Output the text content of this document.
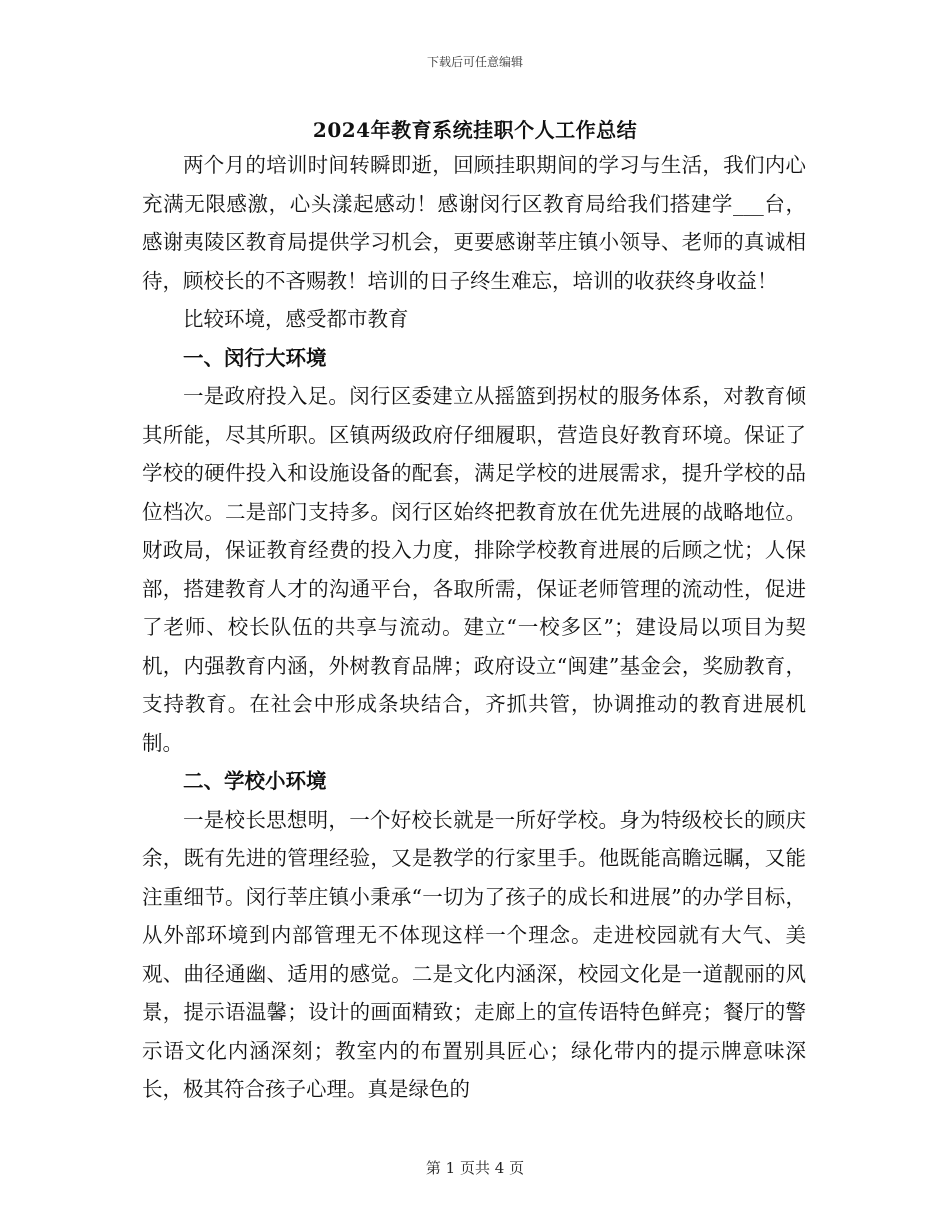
下载后可任意编辑
2024年教育系统挂职个人工作总结

两个月的培训时间转瞬即逝，回顾挂职期间的学习与生活，我们内心充满无限感激，心头漾起感动！感谢闵行区教育局给我们搭建学___台，感谢夷陵区教育局提供学习机会，更要感谢莘庄镇小领导、老师的真诚相待，顾校长的不吝赐教！培训的日子终生难忘，培训的收获终身收益！

比较环境，感受都市教育

一、闵行大环境

一是政府投入足。闵行区委建立从摇篮到拐杖的服务体系，对教育倾其所能，尽其所职。区镇两级政府仔细履职，营造良好教育环境。保证了学校的硬件投入和设施设备的配套，满足学校的进展需求，提升学校的品位档次。二是部门支持多。闵行区始终把教育放在优先进展的战略地位。财政局，保证教育经费的投入力度，排除学校教育进展的后顾之忧；人保部，搭建教育人才的沟通平台，各取所需，保证老师管理的流动性，促进了老师、校长队伍的共享与流动。建立“一校多区”；建设局以项目为契机，内强教育内涵，外树教育品牌；政府设立“闽建”基金会，奖励教育，支持教育。在社会中形成条块结合，齐抓共管，协调推动的教育进展机制。

二、学校小环境

一是校长思想明，一个好校长就是一所好学校。身为特级校长的顾庆余，既有先进的管理经验，又是教学的行家里手。他既能高瞻远瞩，又能注重细节。闵行莘庄镇小秉承“一切为了孩子的成长和进展”的办学目标，从外部环境到内部管理无不体现这样一个理念。走进校园就有大气、美观、曲径通幽、适用的感觉。二是文化内涵深，校园文化是一道靓丽的风景，提示语温馨；设计的画面精致；走廊上的宣传语特色鲜亮；餐厅的警示语文化内涵深刻；教室内的布置别具匠心；绿化带内的提示牌意味深长，极其符合孩子心理。真是绿色的

第 1 页共 4 页
